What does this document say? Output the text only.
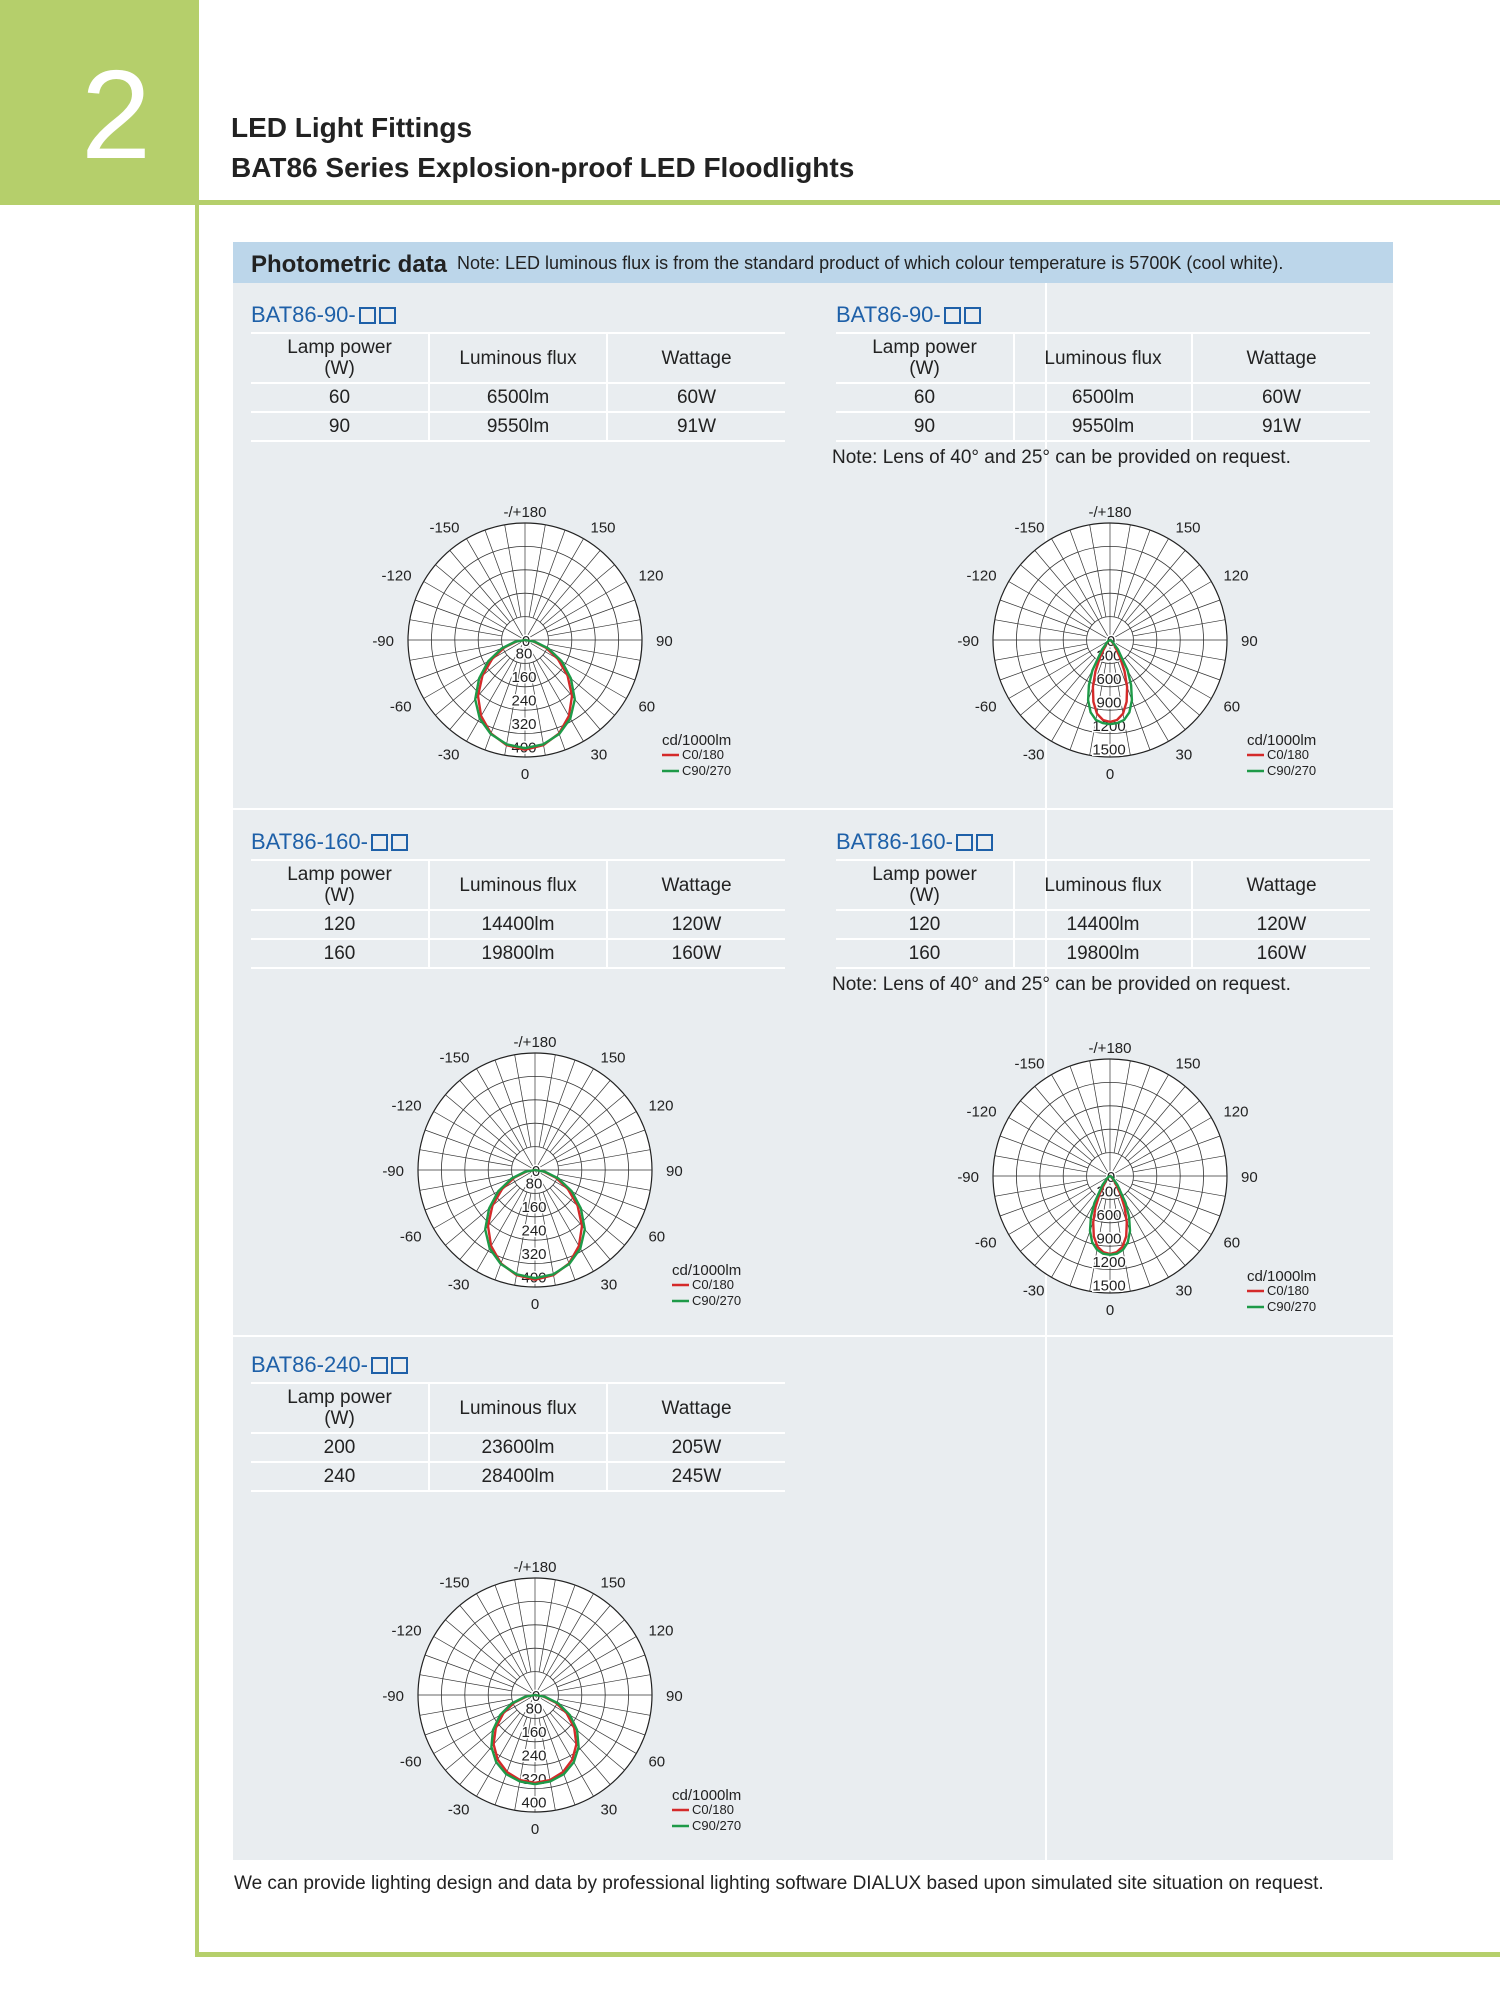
2	LED Light Fittings
BAT86 Series Explosion-proof LED Floodlights
Photometric data Note: LED luminous flux is from the standard product of which colour temperature is 5700K (cool white).
BAT86-90-
Lamp power
(W)	Luminous flux	Wattage
60	6500lm	60W
90	9550lm	91W
BAT86-90-
Lamp power
(W)	Luminous flux	Wattage
60	6500lm	60W
90	9550lm	91W
Note: Lens of 40° and 25° can be provided on request.
BAT86-160-
Lamp power
(W)	Luminous flux	Wattage
120	14400lm	120W
160	19800lm	160W
BAT86-160-
Lamp power
(W)	Luminous flux	Wattage
120	14400lm	120W
160	19800lm	160W
Note: Lens of 40° and 25° can be provided on request.
BAT86-240-
Lamp power
(W)	Luminous flux	Wattage
200	23600lm	205W
240	28400lm	245W
0
80
160
240
320
400
-/+180
150
120
90
60
30
0
-30
-60
-90
-120
-150
cd/1000lm
C0/180
C90/270
0
300
600
900
1200
1500
-/+180
150
120
90
60
30
0
-30
-60
-90
-120
-150
cd/1000lm
C0/180
C90/270
0
80
160
240
320
400
-/+180
150
120
90
60
30
0
-30
-60
-90
-120
-150
cd/1000lm
C0/180
C90/270
0
300
600
900
1200
1500
-/+180
150
120
90
60
30
0
-30
-60
-90
-120
-150
cd/1000lm
C0/180
C90/270
0
80
160
240
320
400
-/+180
150
120
90
60
30
0
-30
-60
-90
-120
-150
cd/1000lm
C0/180
C90/270
We can provide lighting design and data by professional lighting software DIALUX based upon simulated site situation on request.
